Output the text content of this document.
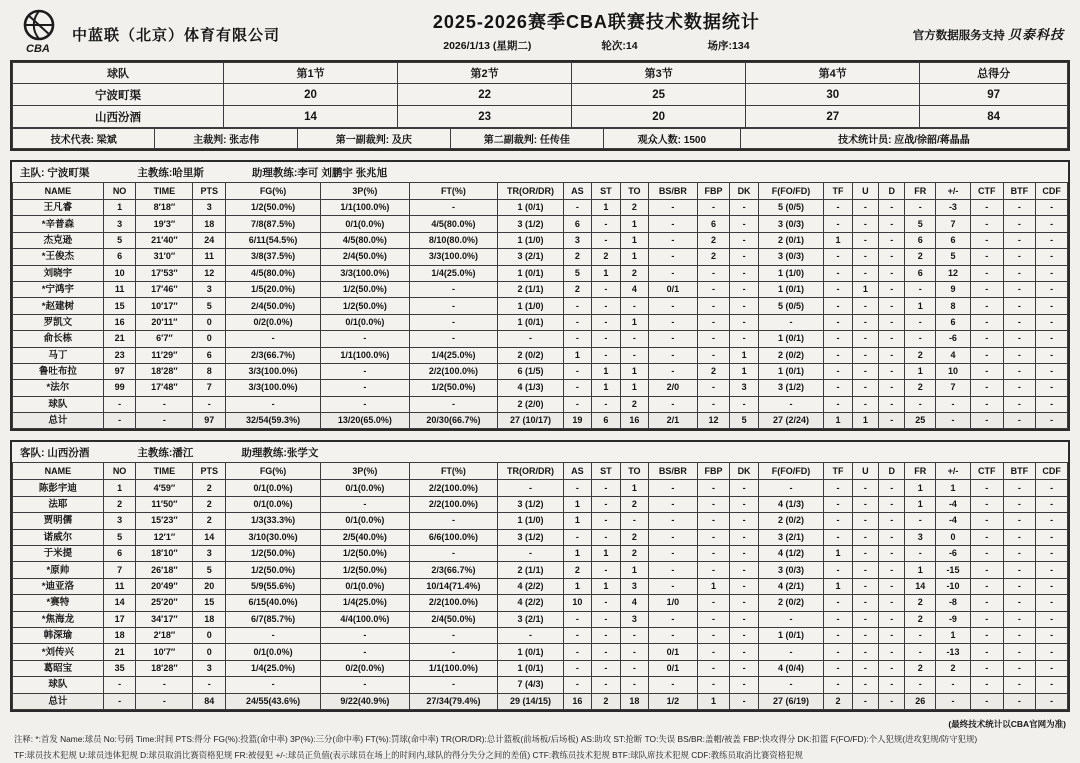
CBA
中蓝联（北京）体育有限公司
2025-2026赛季CBA联赛技术数据统计
2026/1/13 (星期二)	轮次:14	场序:134
官方数据服务支持 贝泰科技
球队	第1节	第2节	第3节	第4节	总得分
宁波町渠	20	22	25	30	97
山西汾酒	14	23	20	27	84
技术代表: 梁斌	主裁判: 张志伟	第一副裁判: 及庆	第二副裁判: 任传佳	观众人数: 1500	技术统计员: 应战/徐韶/蒋晶晶
主队: 宁波町渠	主教练:哈里斯	助理教练:李可 刘鹏宇 张兆旭
NAME	NO	TIME	PTS	FG(%)	3P(%)	FT(%)	TR(OR/DR)	AS	ST	TO	BS/BR	FBP	DK	F(FO/FD)	TF	U	D	FR	+/-	CTF	BTF	CDF
王凡睿	1	8′18″	3	1/2(50.0%)	1/1(100.0%)	-	1 (0/1)	-	1	2	-	-	-	5 (0/5)	-	-	-	-	-3	-	-	-
*辛普森	3	19′3″	18	7/8(87.5%)	0/1(0.0%)	4/5(80.0%)	3 (1/2)	6	-	1	-	6	-	3 (0/3)	-	-	-	5	7	-	-	-
杰克逊	5	21′40″	24	6/11(54.5%)	4/5(80.0%)	8/10(80.0%)	1 (1/0)	3	-	1	-	2	-	2 (0/1)	1	-	-	6	6	-	-	-
*王俊杰	6	31′0″	11	3/8(37.5%)	2/4(50.0%)	3/3(100.0%)	3 (2/1)	2	2	1	-	2	-	3 (0/3)	-	-	-	2	5	-	-	-
刘晓宇	10	17′53″	12	4/5(80.0%)	3/3(100.0%)	1/4(25.0%)	1 (0/1)	5	1	2	-	-	-	1 (1/0)	-	-	-	6	12	-	-	-
*宁鸿宇	11	17′46″	3	1/5(20.0%)	1/2(50.0%)	-	2 (1/1)	2	-	4	0/1	-	-	1 (0/1)	-	1	-	-	9	-	-	-
*赵建树	15	10′17″	5	2/4(50.0%)	1/2(50.0%)	-	1 (1/0)	-	-	-	-	-	-	5 (0/5)	-	-	-	1	8	-	-	-
罗凯文	16	20′11″	0	0/2(0.0%)	0/1(0.0%)	-	1 (0/1)	-	-	1	-	-	-	-	-	-	-	-	6	-	-	-
俞长栋	21	6′7″	0	-	-	-	-	-	-	-	-	-	-	1 (0/1)	-	-	-	-	-6	-	-	-
马丁	23	11′29″	6	2/3(66.7%)	1/1(100.0%)	1/4(25.0%)	2 (0/2)	1	-	-	-	-	1	2 (0/2)	-	-	-	2	4	-	-	-
鲁吐布拉	97	18′28″	8	3/3(100.0%)	-	2/2(100.0%)	6 (1/5)	-	1	1	-	2	1	1 (0/1)	-	-	-	1	10	-	-	-
*法尔	99	17′48″	7	3/3(100.0%)	-	1/2(50.0%)	4 (1/3)	-	1	1	2/0	-	3	3 (1/2)	-	-	-	2	7	-	-	-
球队	-	-	-	-	-	-	2 (2/0)	-	-	2	-	-	-	-	-	-	-	-	-	-	-	-
总计	-	-	97	32/54(59.3%)	13/20(65.0%)	20/30(66.7%)	27 (10/17)	19	6	16	2/1	12	5	27 (2/24)	1	1	-	25	-	-	-	-
客队: 山西汾酒	主教练:潘江	助理教练:张学文
NAME	NO	TIME	PTS	FG(%)	3P(%)	FT(%)	TR(OR/DR)	AS	ST	TO	BS/BR	FBP	DK	F(FO/FD)	TF	U	D	FR	+/-	CTF	BTF	CDF
陈彭宇迪	1	4′59″	2	0/1(0.0%)	0/1(0.0%)	2/2(100.0%)	-	-	-	1	-	-	-	-	-	-	-	1	1	-	-	-
法耶	2	11′50″	2	0/1(0.0%)	-	2/2(100.0%)	3 (1/2)	1	-	2	-	-	-	4 (1/3)	-	-	-	1	-4	-	-	-
贾明儒	3	15′23″	2	1/3(33.3%)	0/1(0.0%)	-	1 (1/0)	1	-	-	-	-	-	2 (0/2)	-	-	-	-	-4	-	-	-
诺威尔	5	12′1″	14	3/10(30.0%)	2/5(40.0%)	6/6(100.0%)	3 (1/2)	-	-	2	-	-	-	3 (2/1)	-	-	-	3	0	-	-	-
于米提	6	18′10″	3	1/2(50.0%)	1/2(50.0%)	-	-	1	1	2	-	-	-	4 (1/2)	1	-	-	-	-6	-	-	-
*原帅	7	26′18″	5	1/2(50.0%)	1/2(50.0%)	2/3(66.7%)	2 (1/1)	2	-	1	-	-	-	3 (0/3)	-	-	-	1	-15	-	-	-
*迪亚洛	11	20′49″	20	5/9(55.6%)	0/1(0.0%)	10/14(71.4%)	4 (2/2)	1	1	3	-	1	-	4 (2/1)	1	-	-	14	-10	-	-	-
*赛特	14	25′20″	15	6/15(40.0%)	1/4(25.0%)	2/2(100.0%)	4 (2/2)	10	-	4	1/0	-	-	2 (0/2)	-	-	-	2	-8	-	-	-
*焦海龙	17	34′17″	18	6/7(85.7%)	4/4(100.0%)	2/4(50.0%)	3 (2/1)	-	-	3	-	-	-	-	-	-	-	2	-9	-	-	-
韩深瑜	18	2′18″	0	-	-	-	-	-	-	-	-	-	-	1 (0/1)	-	-	-	-	1	-	-	-
*刘传兴	21	10′7″	0	0/1(0.0%)	-	-	1 (0/1)	-	-	-	0/1	-	-	-	-	-	-	-	-13	-	-	-
葛昭宝	35	18′28″	3	1/4(25.0%)	0/2(0.0%)	1/1(100.0%)	1 (0/1)	-	-	-	0/1	-	-	4 (0/4)	-	-	-	2	2	-	-	-
球队	-	-	-	-	-	-	7 (4/3)	-	-	-	-	-	-	-	-	-	-	-	-	-	-	-
总计	-	-	84	24/55(43.6%)	9/22(40.9%)	27/34(79.4%)	29 (14/15)	16	2	18	1/2	1	-	27 (6/19)	2	-	-	26	-	-	-	-
(最终技术统计以CBA官网为准)
注释: *:首发 Name:球员 No:号码 Time:时间 PTS:得分 FG(%):投篮(命中率) 3P(%):三分(命中率) FT(%):罚球(命中率) TR(OR/DR):总计篮板(前场板/后场板) AS:助攻 ST:抢断 TO:失误 BS/BR:盖帽/被盖 FBP:快攻得分 DK:扣篮 F(FO/FD):个人犯规(进攻犯规/防守犯规)
TF:球员技术犯规 U:球员违体犯规 D:球员取消比赛资格犯规 FR:被侵犯 +/-:球员正负值(表示球员在场上的时间内,球队的得分失分之间的差值) CTF:教练员技术犯规 BTF:球队席技术犯规 CDF:教练员取消比赛资格犯规
